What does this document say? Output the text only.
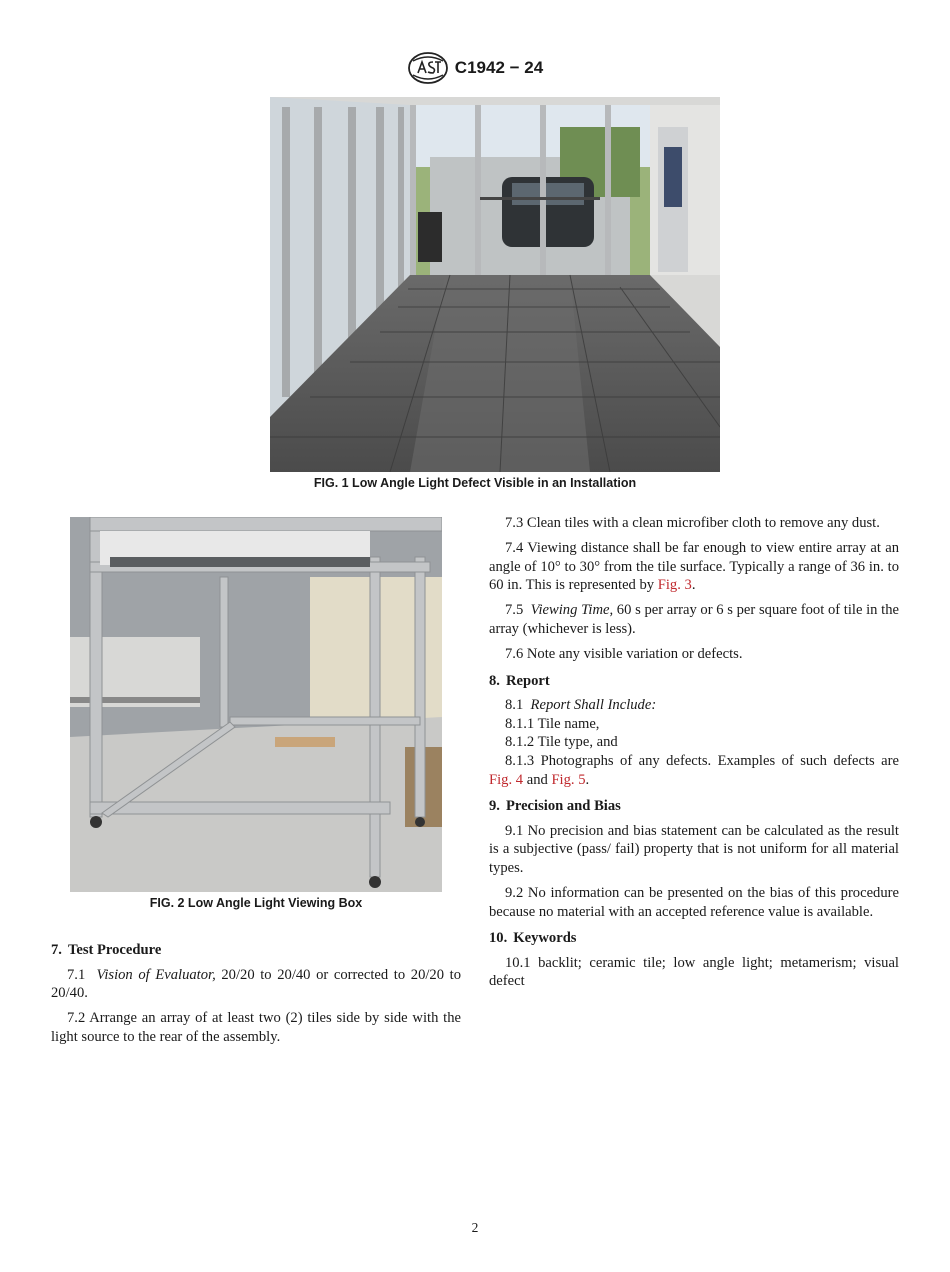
C1942 − 24
FIG. 1 Low Angle Light Defect Visible in an Installation
FIG. 2 Low Angle Light Viewing Box
7. Test Procedure

7.1 Vision of Evaluator, 20/20 to 20/40 or corrected to 20/20 to 20/40.

7.2 Arrange an array of at least two (2) tiles side by side with the light source to the rear of the assembly.

7.3 Clean tiles with a clean microfiber cloth to remove any dust.

7.4 Viewing distance shall be far enough to view entire array at an angle of 10° to 30° from the tile surface. Typically a range of 36 in. to 60 in. This is represented by Fig. 3.

7.5 Viewing Time, 60 s per array or 6 s per square foot of tile in the array (whichever is less).

7.6 Note any visible variation or defects.

8. Report

8.1 Report Shall Include:

8.1.1 Tile name,

8.1.2 Tile type, and

8.1.3 Photographs of any defects. Examples of such defects are Fig. 4 and Fig. 5.

9. Precision and Bias

9.1 No precision and bias statement can be calculated as the result is a subjective (pass/ fail) property that is not uniform for all material types.

9.2 No information can be presented on the bias of this procedure because no material with an accepted reference value is available.

10. Keywords

10.1 backlit; ceramic tile; low angle light; metamerism; visual defect

2
